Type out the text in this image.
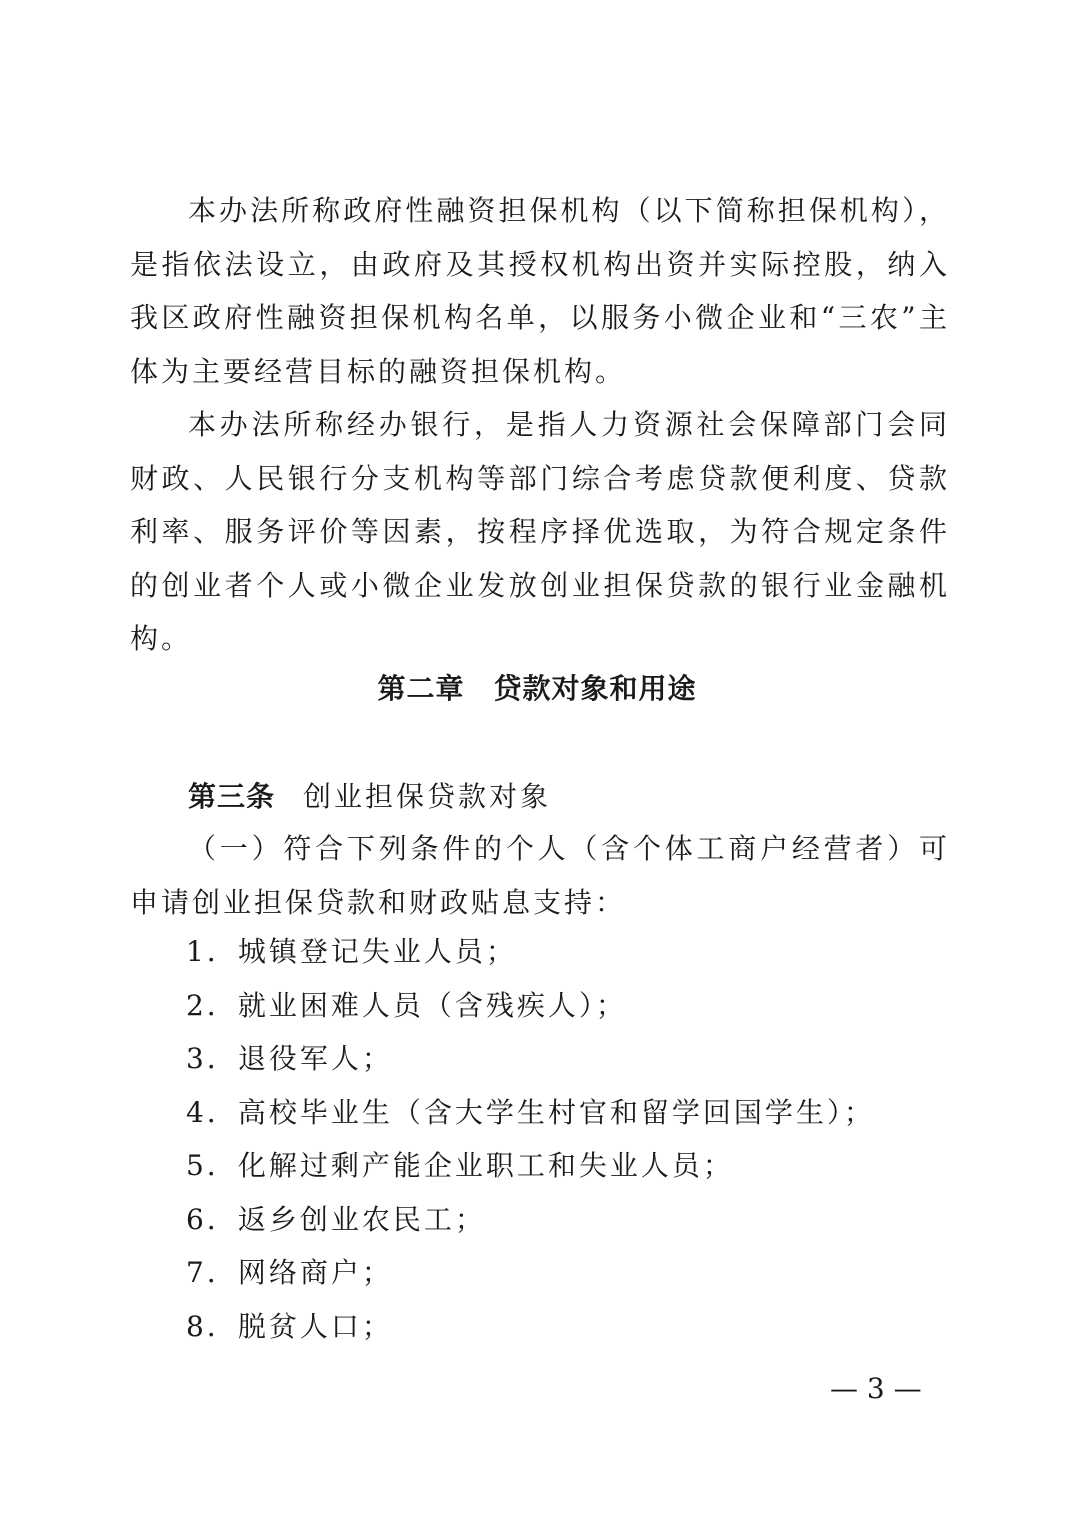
本办法所称政府性融资担保机构（以下简称担保机构），是指依法设立，由政府及其授权机构出资并实际控股，纳入我区政府性融资担保机构名单，以服务小微企业和“三农”主体为主要经营目标的融资担保机构。

本办法所称经办银行，是指人力资源社会保障部门会同财政、人民银行分支机构等部门综合考虑贷款便利度、贷款利率、服务评价等因素，按程序择优选取，为符合规定条件的创业者个人或小微企业发放创业担保贷款的银行业金融机构。

第二章　贷款对象和用途

第三条 创业担保贷款对象

（一）符合下列条件的个人（含个体工商户经营者）可申请创业担保贷款和财政贴息支持：

1．城镇登记失业人员；
2．就业困难人员（含残疾人）；
3．退役军人；
4．高校毕业生（含大学生村官和留学回国学生）；
5．化解过剩产能企业职工和失业人员；
6．返乡创业农民工；
7．网络商户；
8．脱贫人口；

— 3 —
